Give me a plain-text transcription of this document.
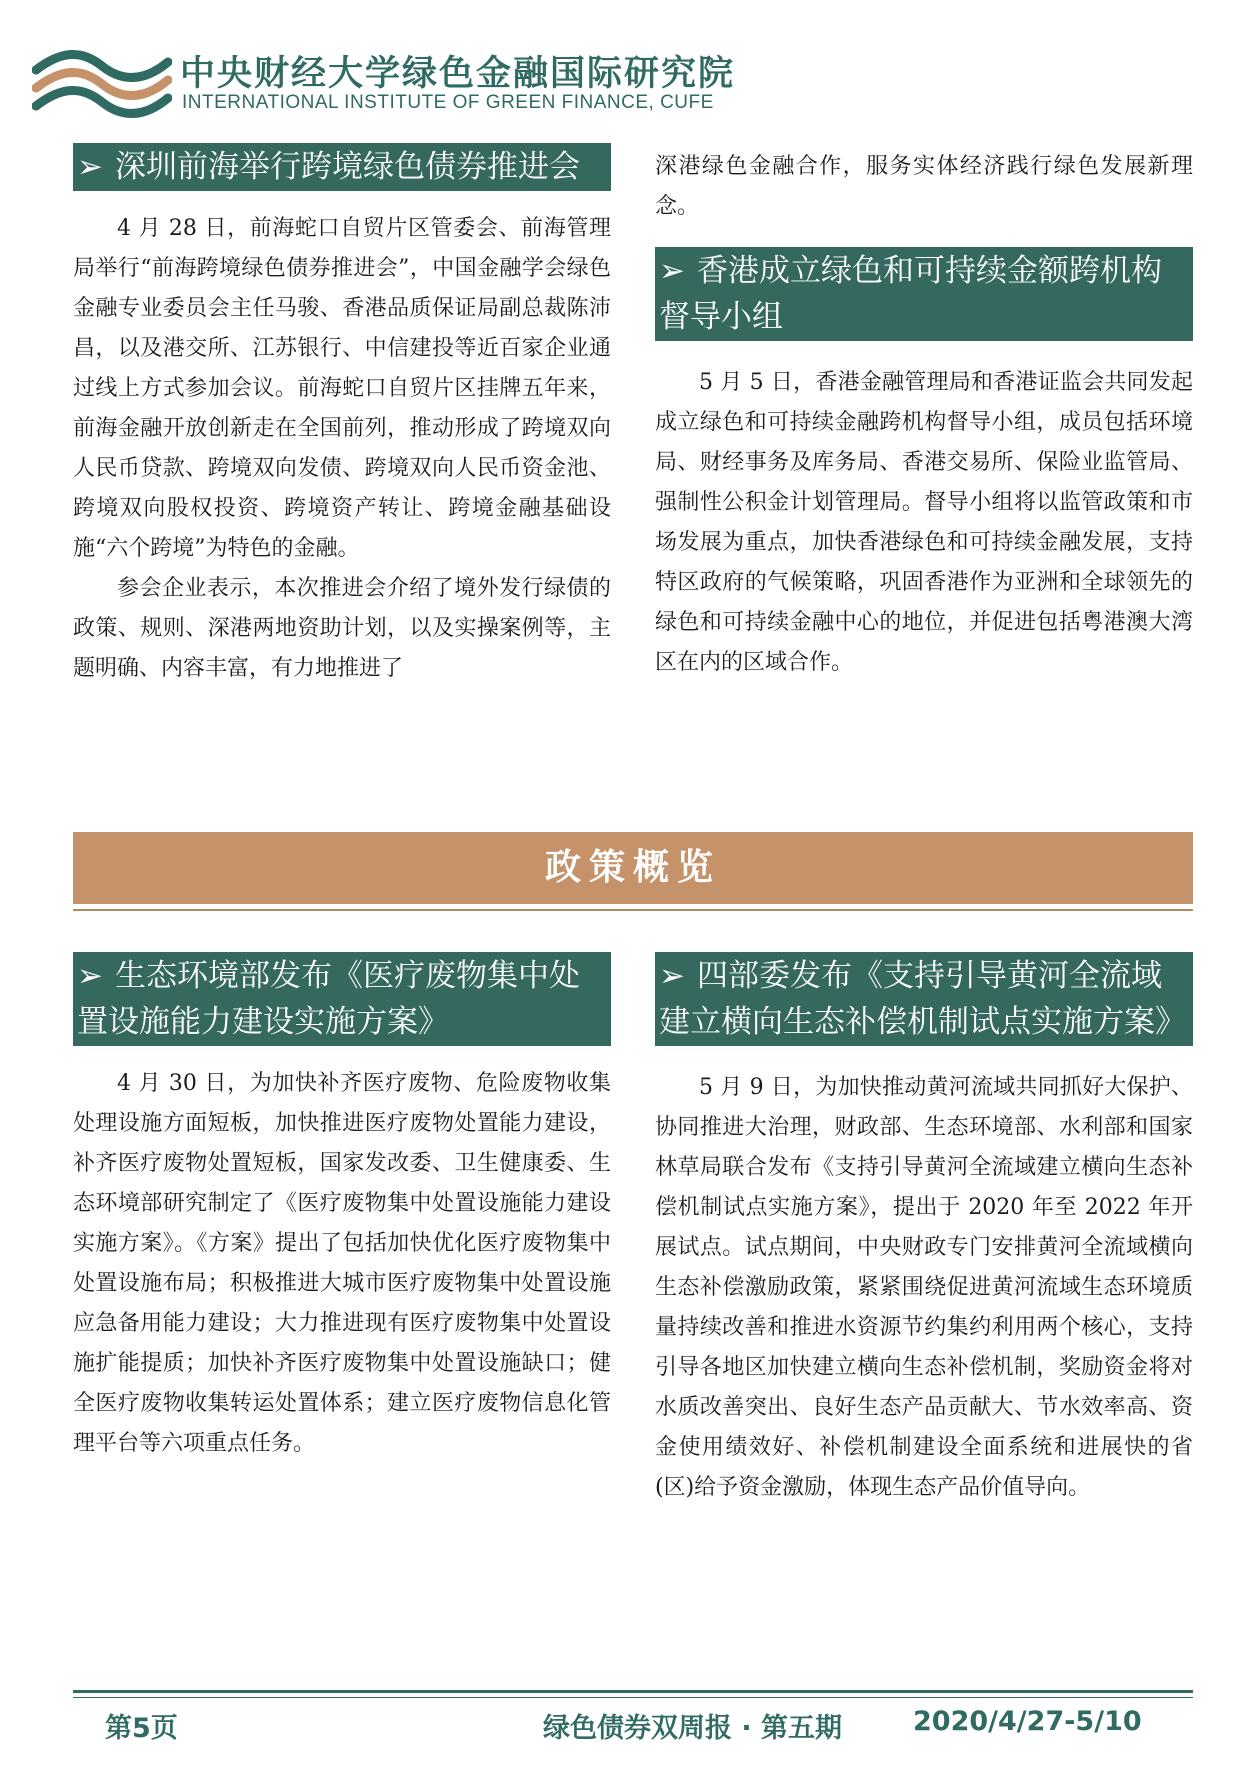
中央财经大学绿色金融国际研究院
INTERNATIONAL INSTITUTE OF GREEN FINANCE, CUFE
➢ 深圳前海举行跨境绿色债券推进会

4 月 28 日，前海蛇口自贸片区管委会、前海管理局举行“前海跨境绿色债券推进会”，中国金融学会绿色金融专业委员会主任马骏、香港品质保证局副总裁陈沛昌，以及港交所、江苏银行、中信建投等近百家企业通过线上方式参加会议。前海蛇口自贸片区挂牌五年来，前海金融开放创新走在全国前列，推动形成了跨境双向人民币贷款、跨境双向发债、跨境双向人民币资金池、跨境双向股权投资、跨境资产转让、跨境金融基础设施“六个跨境”为特色的金融。

参会企业表示，本次推进会介绍了境外发行绿债的政策、规则、深港两地资助计划，以及实操案例等，主题明确、内容丰富，有力地推进了

深港绿色金融合作，服务实体经济践行绿色发展新理念。

➢ 香港成立绿色和可持续金额跨机构督导小组

5 月 5 日，香港金融管理局和香港证监会共同发起成立绿色和可持续金融跨机构督导小组，成员包括环境局、财经事务及库务局、香港交易所、保险业监管局、强制性公积金计划管理局。督导小组将以监管政策和市场发展为重点，加快香港绿色和可持续金融发展，支持特区政府的气候策略，巩固香港作为亚洲和全球领先的绿色和可持续金融中心的地位，并促进包括粤港澳大湾区在内的区域合作。

政策概览
➢ 生态环境部发布《医疗废物集中处置设施能力建设实施方案》

4 月 30 日，为加快补齐医疗废物、危险废物收集处理设施方面短板，加快推进医疗废物处置能力建设，补齐医疗废物处置短板，国家发改委、卫生健康委、生态环境部研究制定了《医疗废物集中处置设施能力建设实施方案》。《方案》提出了包括加快优化医疗废物集中处置设施布局；积极推进大城市医疗废物集中处置设施应急备用能力建设；大力推进现有医疗废物集中处置设施扩能提质；加快补齐医疗废物集中处置设施缺口；健全医疗废物收集转运处置体系；建立医疗废物信息化管理平台等六项重点任务。

➢ 四部委发布《支持引导黄河全流域建立横向生态补偿机制试点实施方案》

5 月 9 日，为加快推动黄河流域共同抓好大保护、协同推进大治理，财政部、生态环境部、水利部和国家林草局联合发布《支持引导黄河全流域建立横向生态补偿机制试点实施方案》，提出于 2020 年至 2022 年开展试点。试点期间，中央财政专门安排黄河全流域横向生态补偿激励政策，紧紧围绕促进黄河流域生态环境质量持续改善和推进水资源节约集约利用两个核心，支持引导各地区加快建立横向生态补偿机制，奖励资金将对水质改善突出、良好生态产品贡献大、节水效率高、资金使用绩效好、补偿机制建设全面系统和进展快的省(区)给予资金激励，体现生态产品价值导向。

第5页	绿色债券双周报 · 第五期	2020/4/27-5/10
